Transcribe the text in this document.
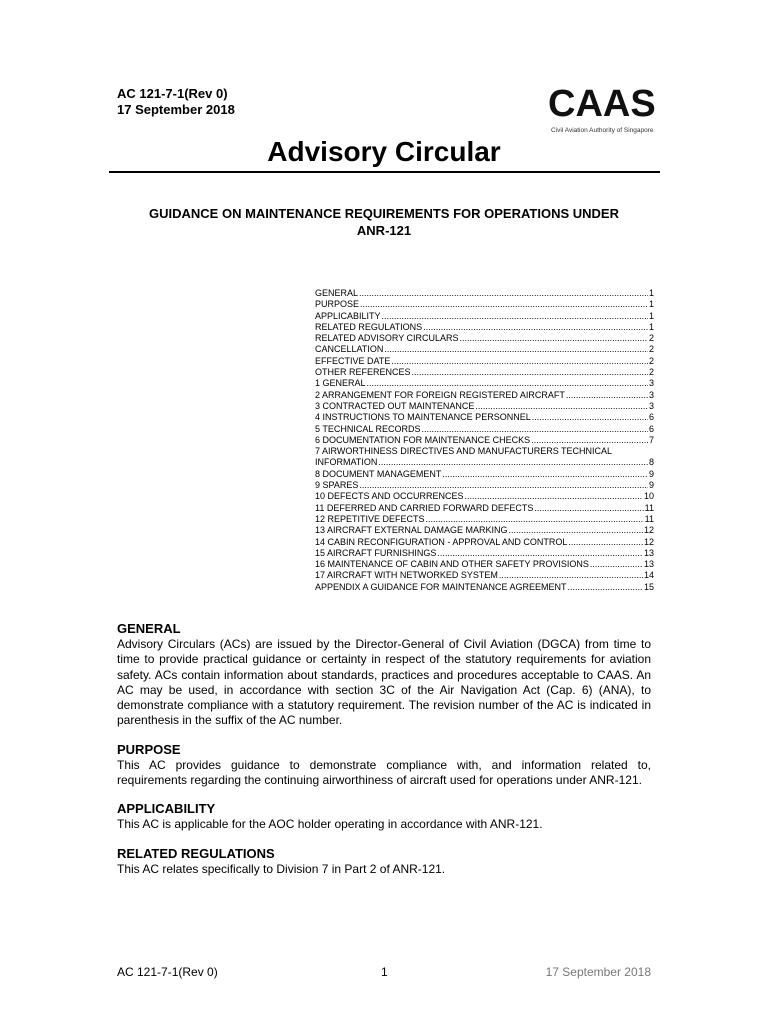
AC 121-7-1(Rev 0)
17 September 2018	CAAS
Civil Aviation Authority of Singapore
Advisory Circular
GUIDANCE ON MAINTENANCE REQUIREMENTS FOR OPERATIONS UNDER
ANR-121
GENERAL .....	1
PURPOSE .....	1
APPLICABILITY .....	1
RELATED REGULATIONS .....	1
RELATED ADVISORY CIRCULARS .....	2
CANCELLATION .....	2
EFFECTIVE DATE .....	2
OTHER REFERENCES .....	2
1 GENERAL .....	3
2 ARRANGEMENT FOR FOREIGN REGISTERED AIRCRAFT .....	3
3 CONTRACTED OUT MAINTENANCE .....	3
4 INSTRUCTIONS TO MAINTENANCE PERSONNEL .....	6
5 TECHNICAL RECORDS .....	6
6 DOCUMENTATION FOR MAINTENANCE CHECKS .....	7
7 AIRWORTHINESS DIRECTIVES AND MANUFACTURERS TECHNICAL
INFORMATION .....	8
8 DOCUMENT MANAGEMENT .....	9
9 SPARES .....	9
10 DEFECTS AND OCCURRENCES .....	10
11 DEFERRED AND CARRIED FORWARD DEFECTS .....	11
12 REPETITIVE DEFECTS .....	11
13 AIRCRAFT EXTERNAL DAMAGE MARKING .....	12
14 CABIN RECONFIGURATION - APPROVAL AND CONTROL .....	12
15 AIRCRAFT FURNISHINGS .....	13
16 MAINTENANCE OF CABIN AND OTHER SAFETY PROVISIONS .....	13
17 AIRCRAFT WITH NETWORKED SYSTEM .....	14
APPENDIX A GUIDANCE FOR MAINTENANCE AGREEMENT .....	15
GENERAL

Advisory Circulars (ACs) are issued by the Director-General of Civil Aviation (DGCA) from time to time to provide practical guidance or certainty in respect of the statutory requirements for aviation safety. ACs contain information about standards, practices and procedures acceptable to CAAS. An AC may be used, in accordance with section 3C of the Air Navigation Act (Cap. 6) (ANA), to demonstrate compliance with a statutory requirement. The revision number of the AC is indicated in parenthesis in the suffix of the AC number.

PURPOSE

This AC provides guidance to demonstrate compliance with, and information related to, requirements regarding the continuing airworthiness of aircraft used for operations under ANR-121.

APPLICABILITY

This AC is applicable for the AOC holder operating in accordance with ANR-121.

RELATED REGULATIONS

This AC relates specifically to Division 7 in Part 2 of ANR-121.

AC 121-7-1(Rev 0)	1	17 September 2018
